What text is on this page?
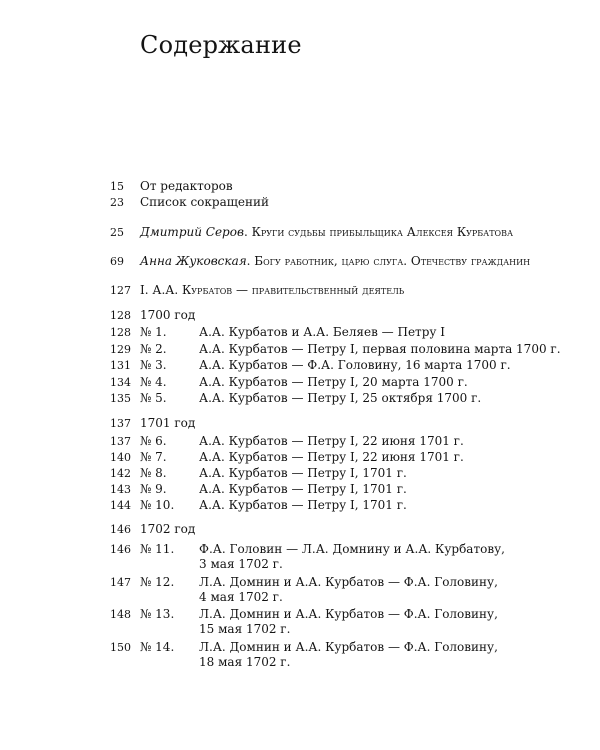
Содержание
15	От редакторов
23	Список сокращений
25	Дмитрий Серов. Круги судьбы прибыльщика Алексея Курбатова
69	Анна Жуковская. Богу работник, царю слуга. Отечеству гражданин
127 I. А.А. Курбатов — правительственный деятель
128 1700 год
128 № 1.	А.А. Курбатов и А.А. Беляев — Петру I
129 № 2.	А.А. Курбатов — Петру I, первая половина марта 1700 г.
131 № 3.	А.А. Курбатов — Ф.А. Головину, 16 марта 1700 г.
134 № 4.	А.А. Курбатов — Петру I, 20 марта 1700 г.
135 № 5.	А.А. Курбатов — Петру I, 25 октября 1700 г.
137 1701 год
137 № 6.	А.А. Курбатов — Петру I, 22 июня 1701 г.
140 № 7.	А.А. Курбатов — Петру I, 22 июня 1701 г.
142 № 8.	А.А. Курбатов — Петру I, 1701 г.
143 № 9.	А.А. Курбатов — Петру I, 1701 г.
144 № 10. А.А. Курбатов — Петру I, 1701 г.
146 1702 год
146 № 11. Ф.А. Головин — Л.А. Домнину и А.А. Курбатову,
3 мая 1702 г.
147 № 12. Л.А. Домнин и А.А. Курбатов — Ф.А. Головину,
4 мая 1702 г.
148 № 13. Л.А. Домнин и А.А. Курбатов — Ф.А. Головину,
15 мая 1702 г.
150 № 14. Л.А. Домнин и А.А. Курбатов — Ф.А. Головину,
18 мая 1702 г.
